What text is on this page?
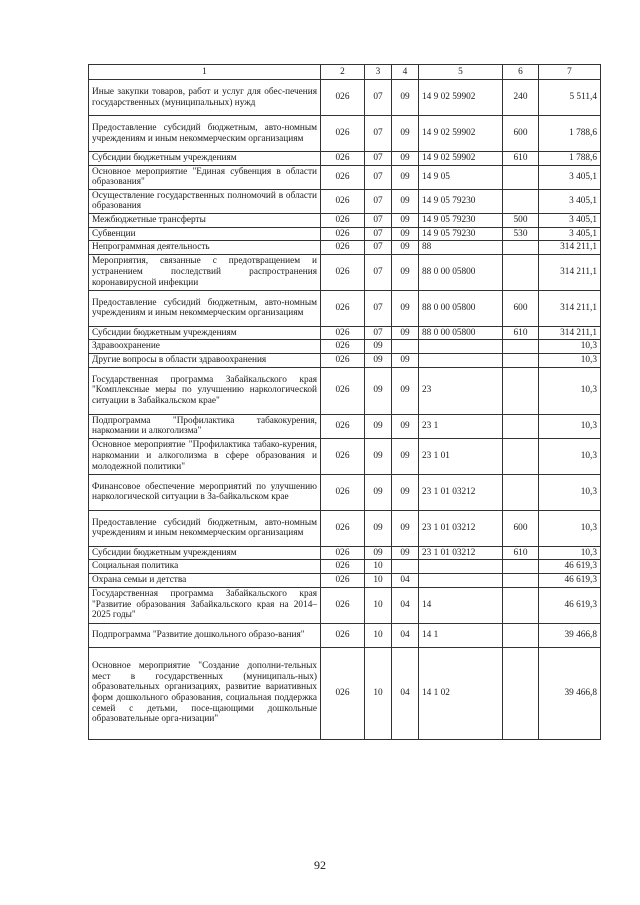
1	2	3	4	5	6	7
Иные закупки товаров, работ и услуг для обес-печения государственных (муниципальных) нужд	026	07	09	14 9 02 59902	240	5 511,4
Предоставление субсидий бюджетным, авто-номным учреждениям и иным некоммерческим организациям	026	07	09	14 9 02 59902	600	1 788,6
Субсидии бюджетным учреждениям	026	07	09	14 9 02 59902	610	1 788,6
Основное мероприятие "Единая субвенция в области образования"	026	07	09	14 9 05		3 405,1
Осуществление государственных полномочий в области образования	026	07	09	14 9 05 79230		3 405,1
Межбюджетные трансферты	026	07	09	14 9 05 79230	500	3 405,1
Субвенции	026	07	09	14 9 05 79230	530	3 405,1
Непрограммная деятельность	026	07	09	88		314 211,1
Мероприятия, связанные с предотвращением и устранением последствий распространения коронавирусной инфекции	026	07	09	88 0 00 05800		314 211,1
Предоставление субсидий бюджетным, авто-номным учреждениям и иным некоммерческим организациям	026	07	09	88 0 00 05800	600	314 211,1
Субсидии бюджетным учреждениям	026	07	09	88 0 00 05800	610	314 211,1
Здравоохранение	026	09				10,3
Другие вопросы в области здравоохранения	026	09	09			10,3
Государственная программа Забайкальского края "Комплексные меры по улучшению наркологической ситуации в Забайкальском крае"	026	09	09	23		10,3
Подпрограмма "Профилактика табакокурения, наркомании и алкоголизма"	026	09	09	23 1		10,3
Основное мероприятие "Профилактика табако-курения, наркомании и алкоголизма в сфере образования и молодежной политики"	026	09	09	23 1 01		10,3
Финансовое обеспечение мероприятий по улучшению наркологической ситуации в За-байкальском крае	026	09	09	23 1 01 03212		10,3
Предоставление субсидий бюджетным, авто-номным учреждениям и иным некоммерческим организациям	026	09	09	23 1 01 03212	600	10,3
Субсидии бюджетным учреждениям	026	09	09	23 1 01 03212	610	10,3
Социальная политика	026	10				46 619,3
Охрана семьи и детства	026	10	04			46 619,3
Государственная программа Забайкальского края "Развитие образования Забайкальского края на 2014–2025 годы"	026	10	04	14		46 619,3
Подпрограмма "Развитие дошкольного образо-вания"	026	10	04	14 1		39 466,8
Основное мероприятие "Создание дополни-тельных мест в государственных (муниципаль-ных) образовательных организациях, развитие вариативных форм дошкольного образования, социальная поддержка семей с детьми, посе-щающими дошкольные образовательные орга-низации"	026	10	04	14 1 02		39 466,8
92
